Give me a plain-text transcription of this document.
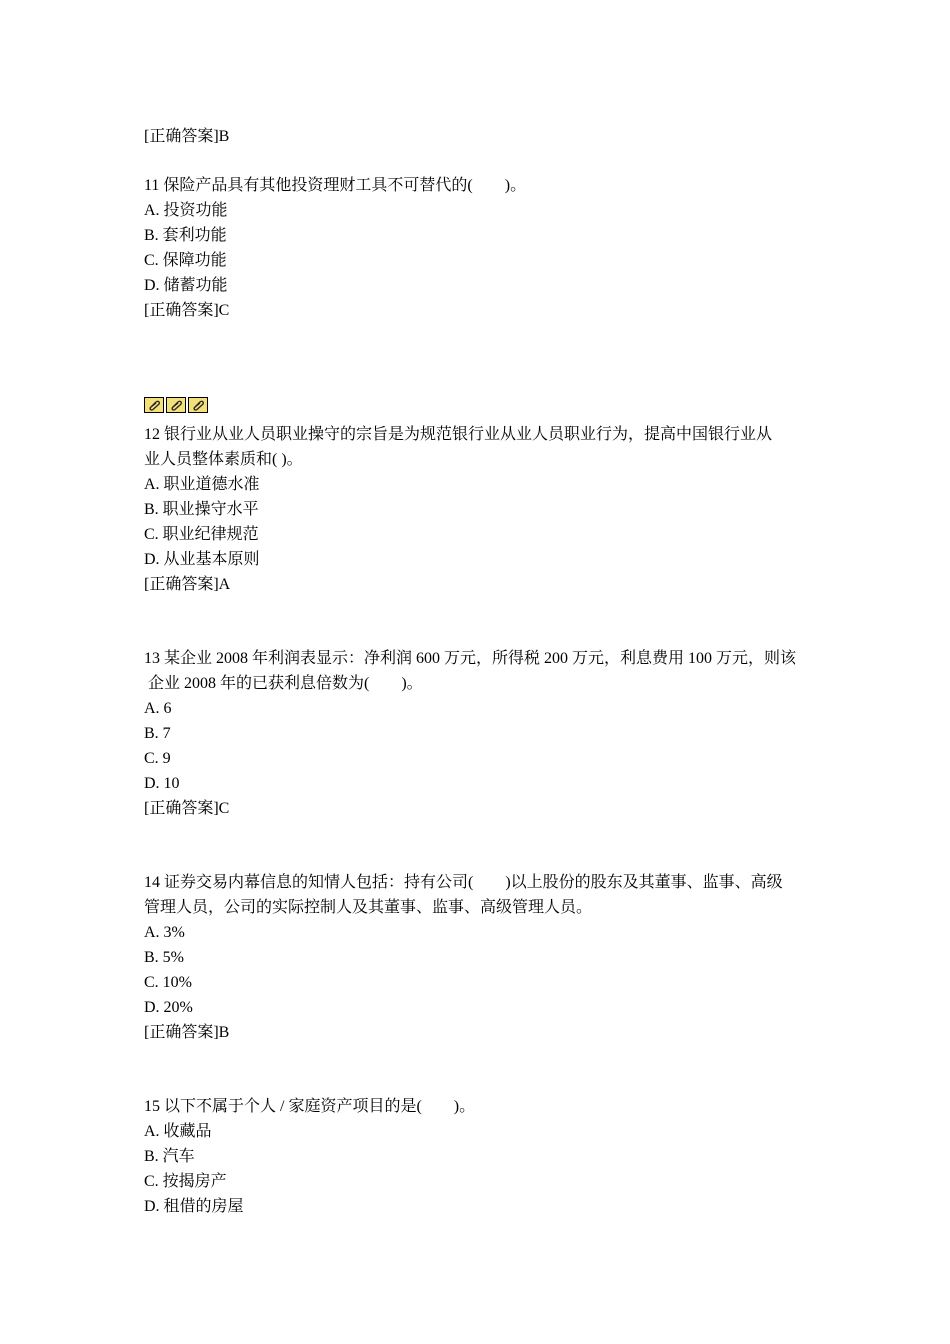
[正确答案]B
11 保险产品具有其他投资理财工具不可替代的(　　)。
A. 投资功能
B. 套利功能
C. 保障功能
D. 储蓄功能
[正确答案]C
12 银行业从业人员职业操守的宗旨是为规范银行业从业人员职业行为，提高中国银行业从
业人员整体素质和( )。
A. 职业道德水准
B. 职业操守水平
C. 职业纪律规范
D. 从业基本原则
[正确答案]A
13 某企业 2008 年利润表显示：净利润 600 万元，所得税 200 万元，利息费用 100 万元，则该
企业 2008 年的已获利息倍数为(　　)。
A. 6
B. 7
C. 9
D. 10
[正确答案]C
14 证券交易内幕信息的知情人包括：持有公司(　　)以上股份的股东及其董事、监事、高级
管理人员，公司的实际控制人及其董事、监事、高级管理人员。
A. 3%
B. 5%
C. 10%
D. 20%
[正确答案]B
15 以下不属于个人 / 家庭资产项目的是(　　)。
A. 收藏品
B. 汽车
C. 按揭房产
D. 租借的房屋
